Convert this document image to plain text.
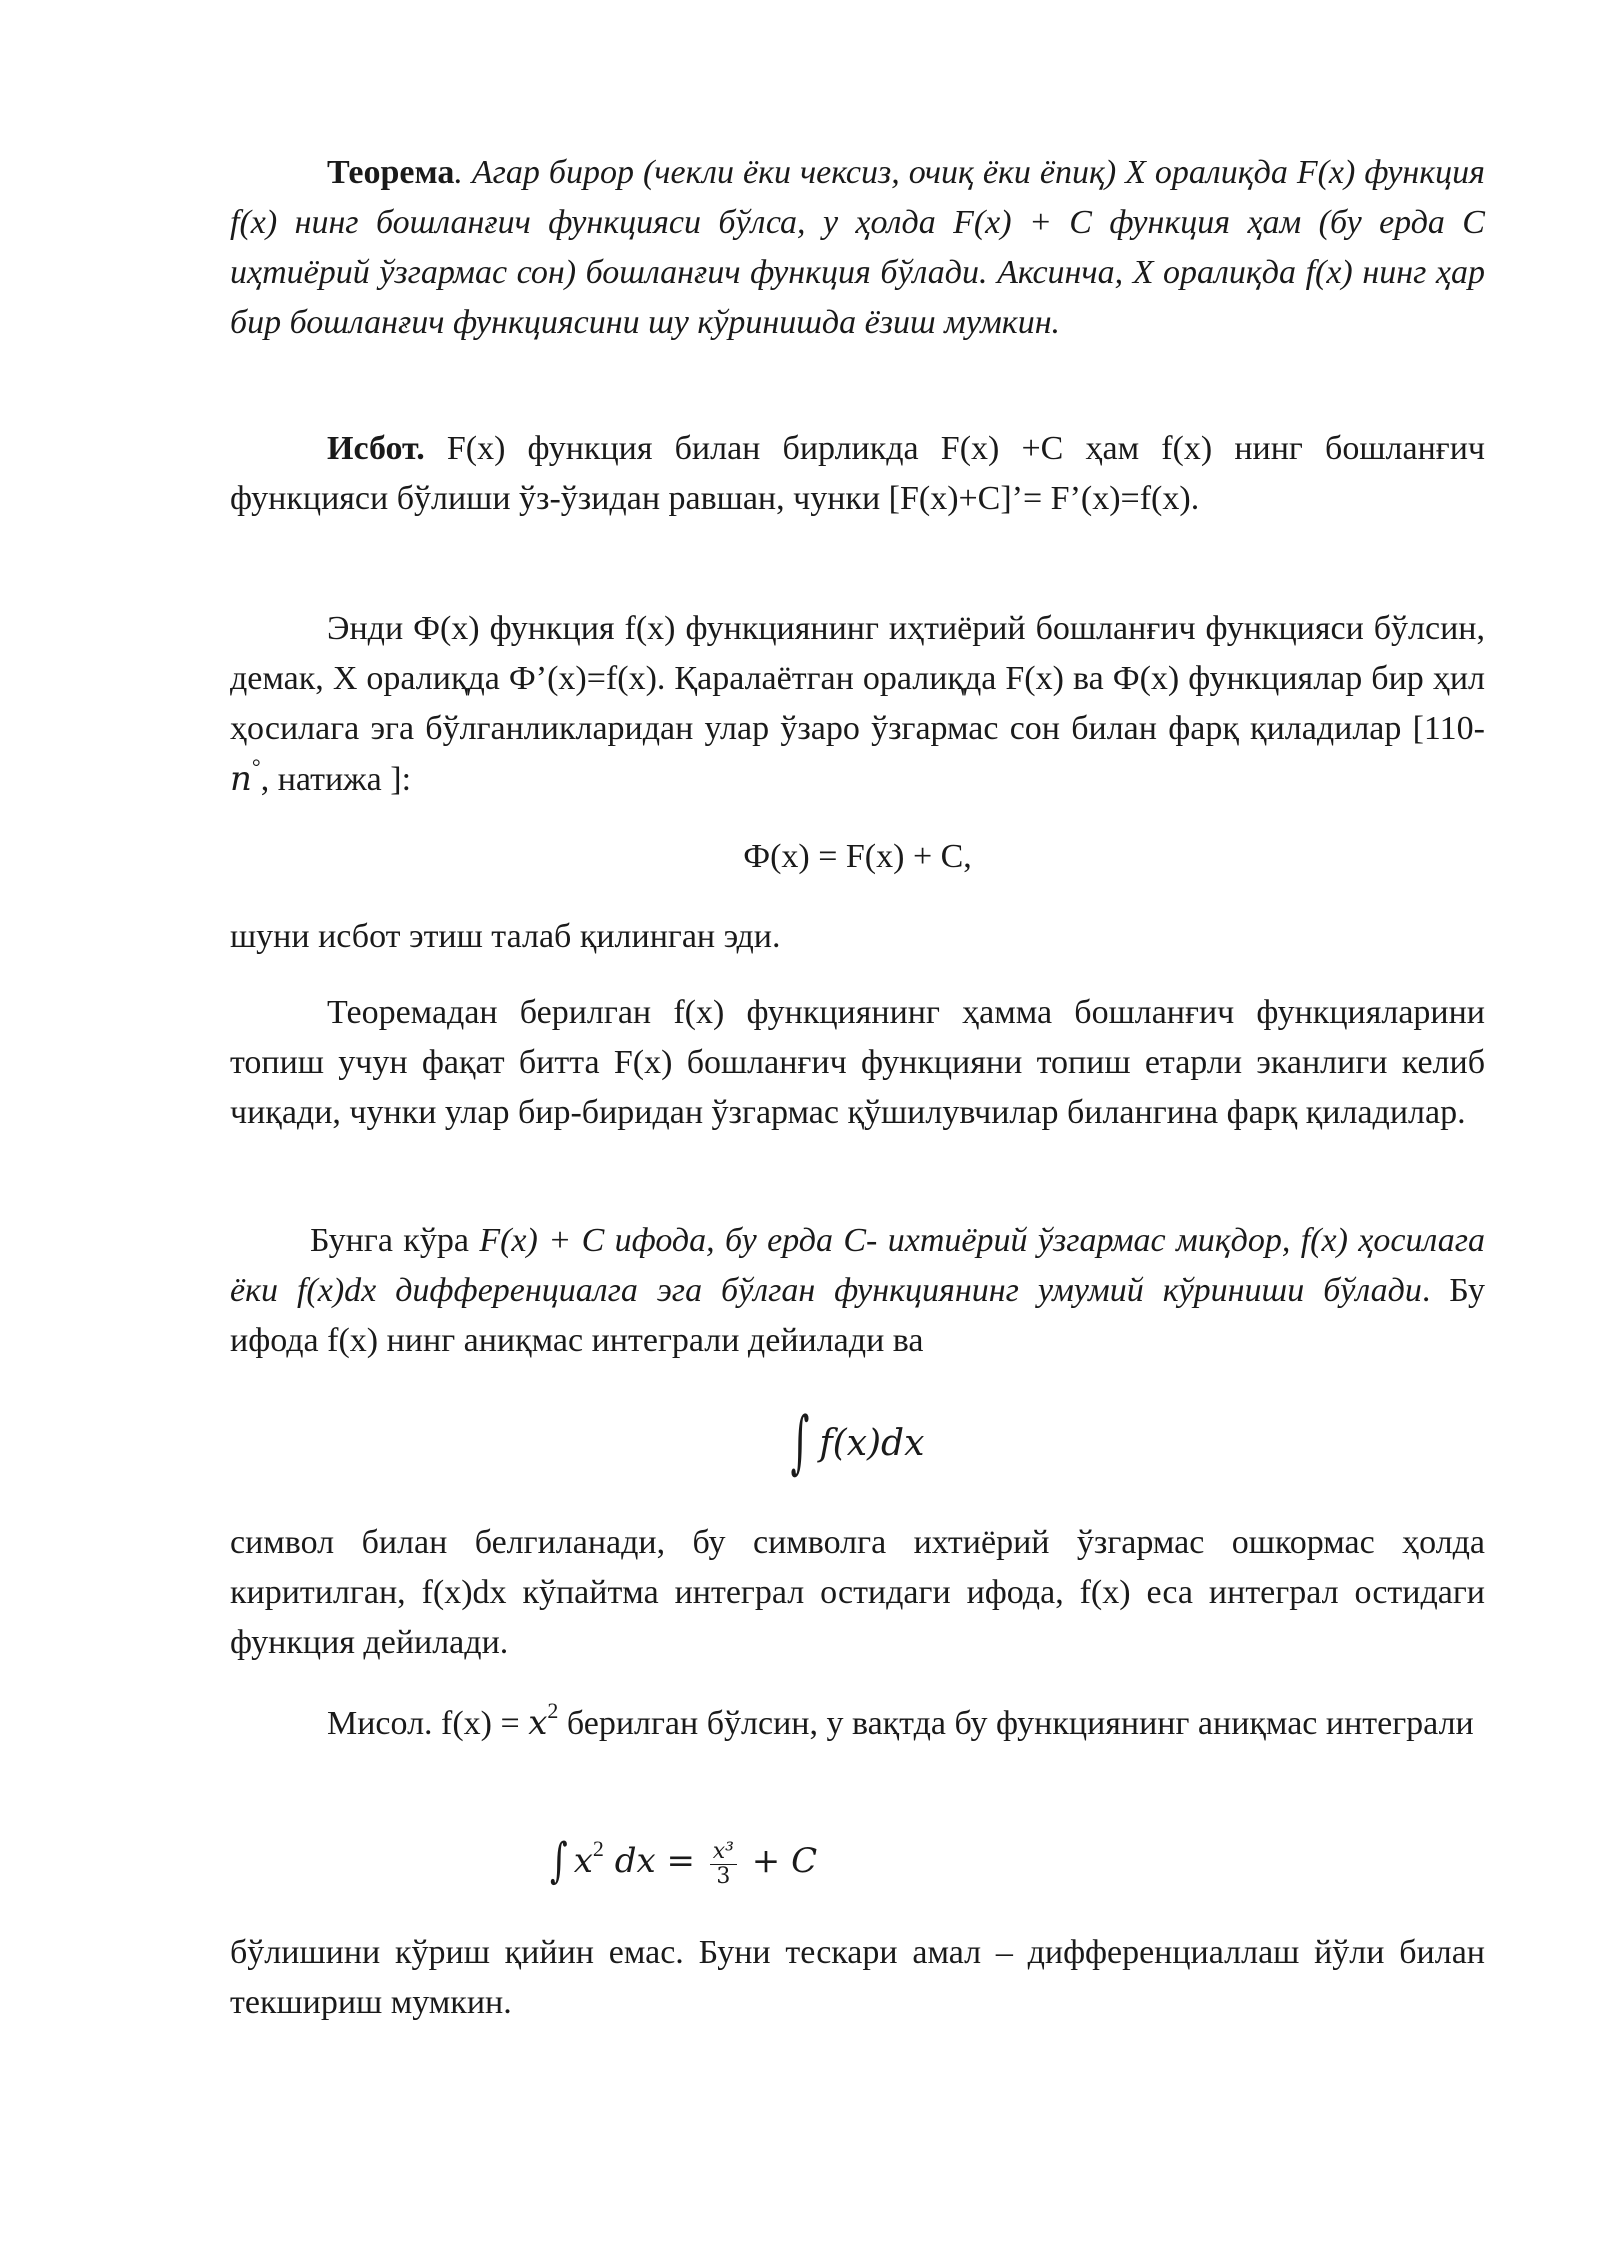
Теорема. Агар бирор (чекли ёки чексиз, очиқ ёки ёпиқ) X оралиқда F(x) функция f(x) нинг бошланғич функцияси бўлса, у ҳолда F(x) + C функция ҳам (бу ерда C иҳтиёрий ўзгармас сон) бошланғич функция бўлади. Аксинча, X оралиқда f(x) нинг ҳар бир бошланғич функциясини шу кўринишда ёзиш мумкин.

Исбот. F(x) функция билан бирликда F(x) +C ҳам f(x) нинг бошланғич функцияси бўлиши ўз-ўзидан равшан, чунки [F(x)+C]’= F’(x)=f(x).

Энди Ф(x) функция f(x) функциянинг иҳтиёрий бошланғич функцияси бўлсин, демак, X оралиқда Ф’(x)=f(x). Қаралаётган оралиқда F(x) ва Ф(x) функциялар бир ҳил ҳосилага эга бўлганликларидан улар ўзаро ўзгармас сон билан фарқ қиладилар [110-𝑛°, натижа ]:

Ф(x) = F(x) + C,

шуни исбот этиш талаб қилинган эди.

Теоремадан берилган f(x) функциянинг ҳамма бошланғич функцияларини топиш учун фақат битта F(x) бошланғич функцияни топиш етарли эканлиги келиб чиқади, чунки улар бир-биридан ўзгармас қўшилувчилар билангина фарқ қиладилар.

Бунга кўра F(x) + C ифода, бу ерда C- ихтиёрий ўзгармас миқдор, f(x) ҳосилага ёки f(x)dx дифференциалга эга бўлган функциянинг умумий кўриниши бўлади. Бу ифода f(x) нинг аниқмас интеграли дейилади ва

∫ 𝑓(𝑥)𝑑𝑥

символ билан белгиланади, бу символга ихтиёрий ўзгармас ошкормас ҳолда киритилган, f(x)dx кўпайтма интеграл остидаги ифода, f(x) еса интеграл остидаги функция дейилади.

Мисол. f(x) = 𝑥$^2$ берилган бўлсин, у вақтда бу функциянинг аниқмас интеграли

∫ 𝑥$^2$ 𝑑𝑥 = $\frac{\text{𝑥³}}{3}$ + 𝐶

бўлишини кўриш қийин емас. Буни тескари амал – дифференциаллаш йўли билан текшириш мумкин.
